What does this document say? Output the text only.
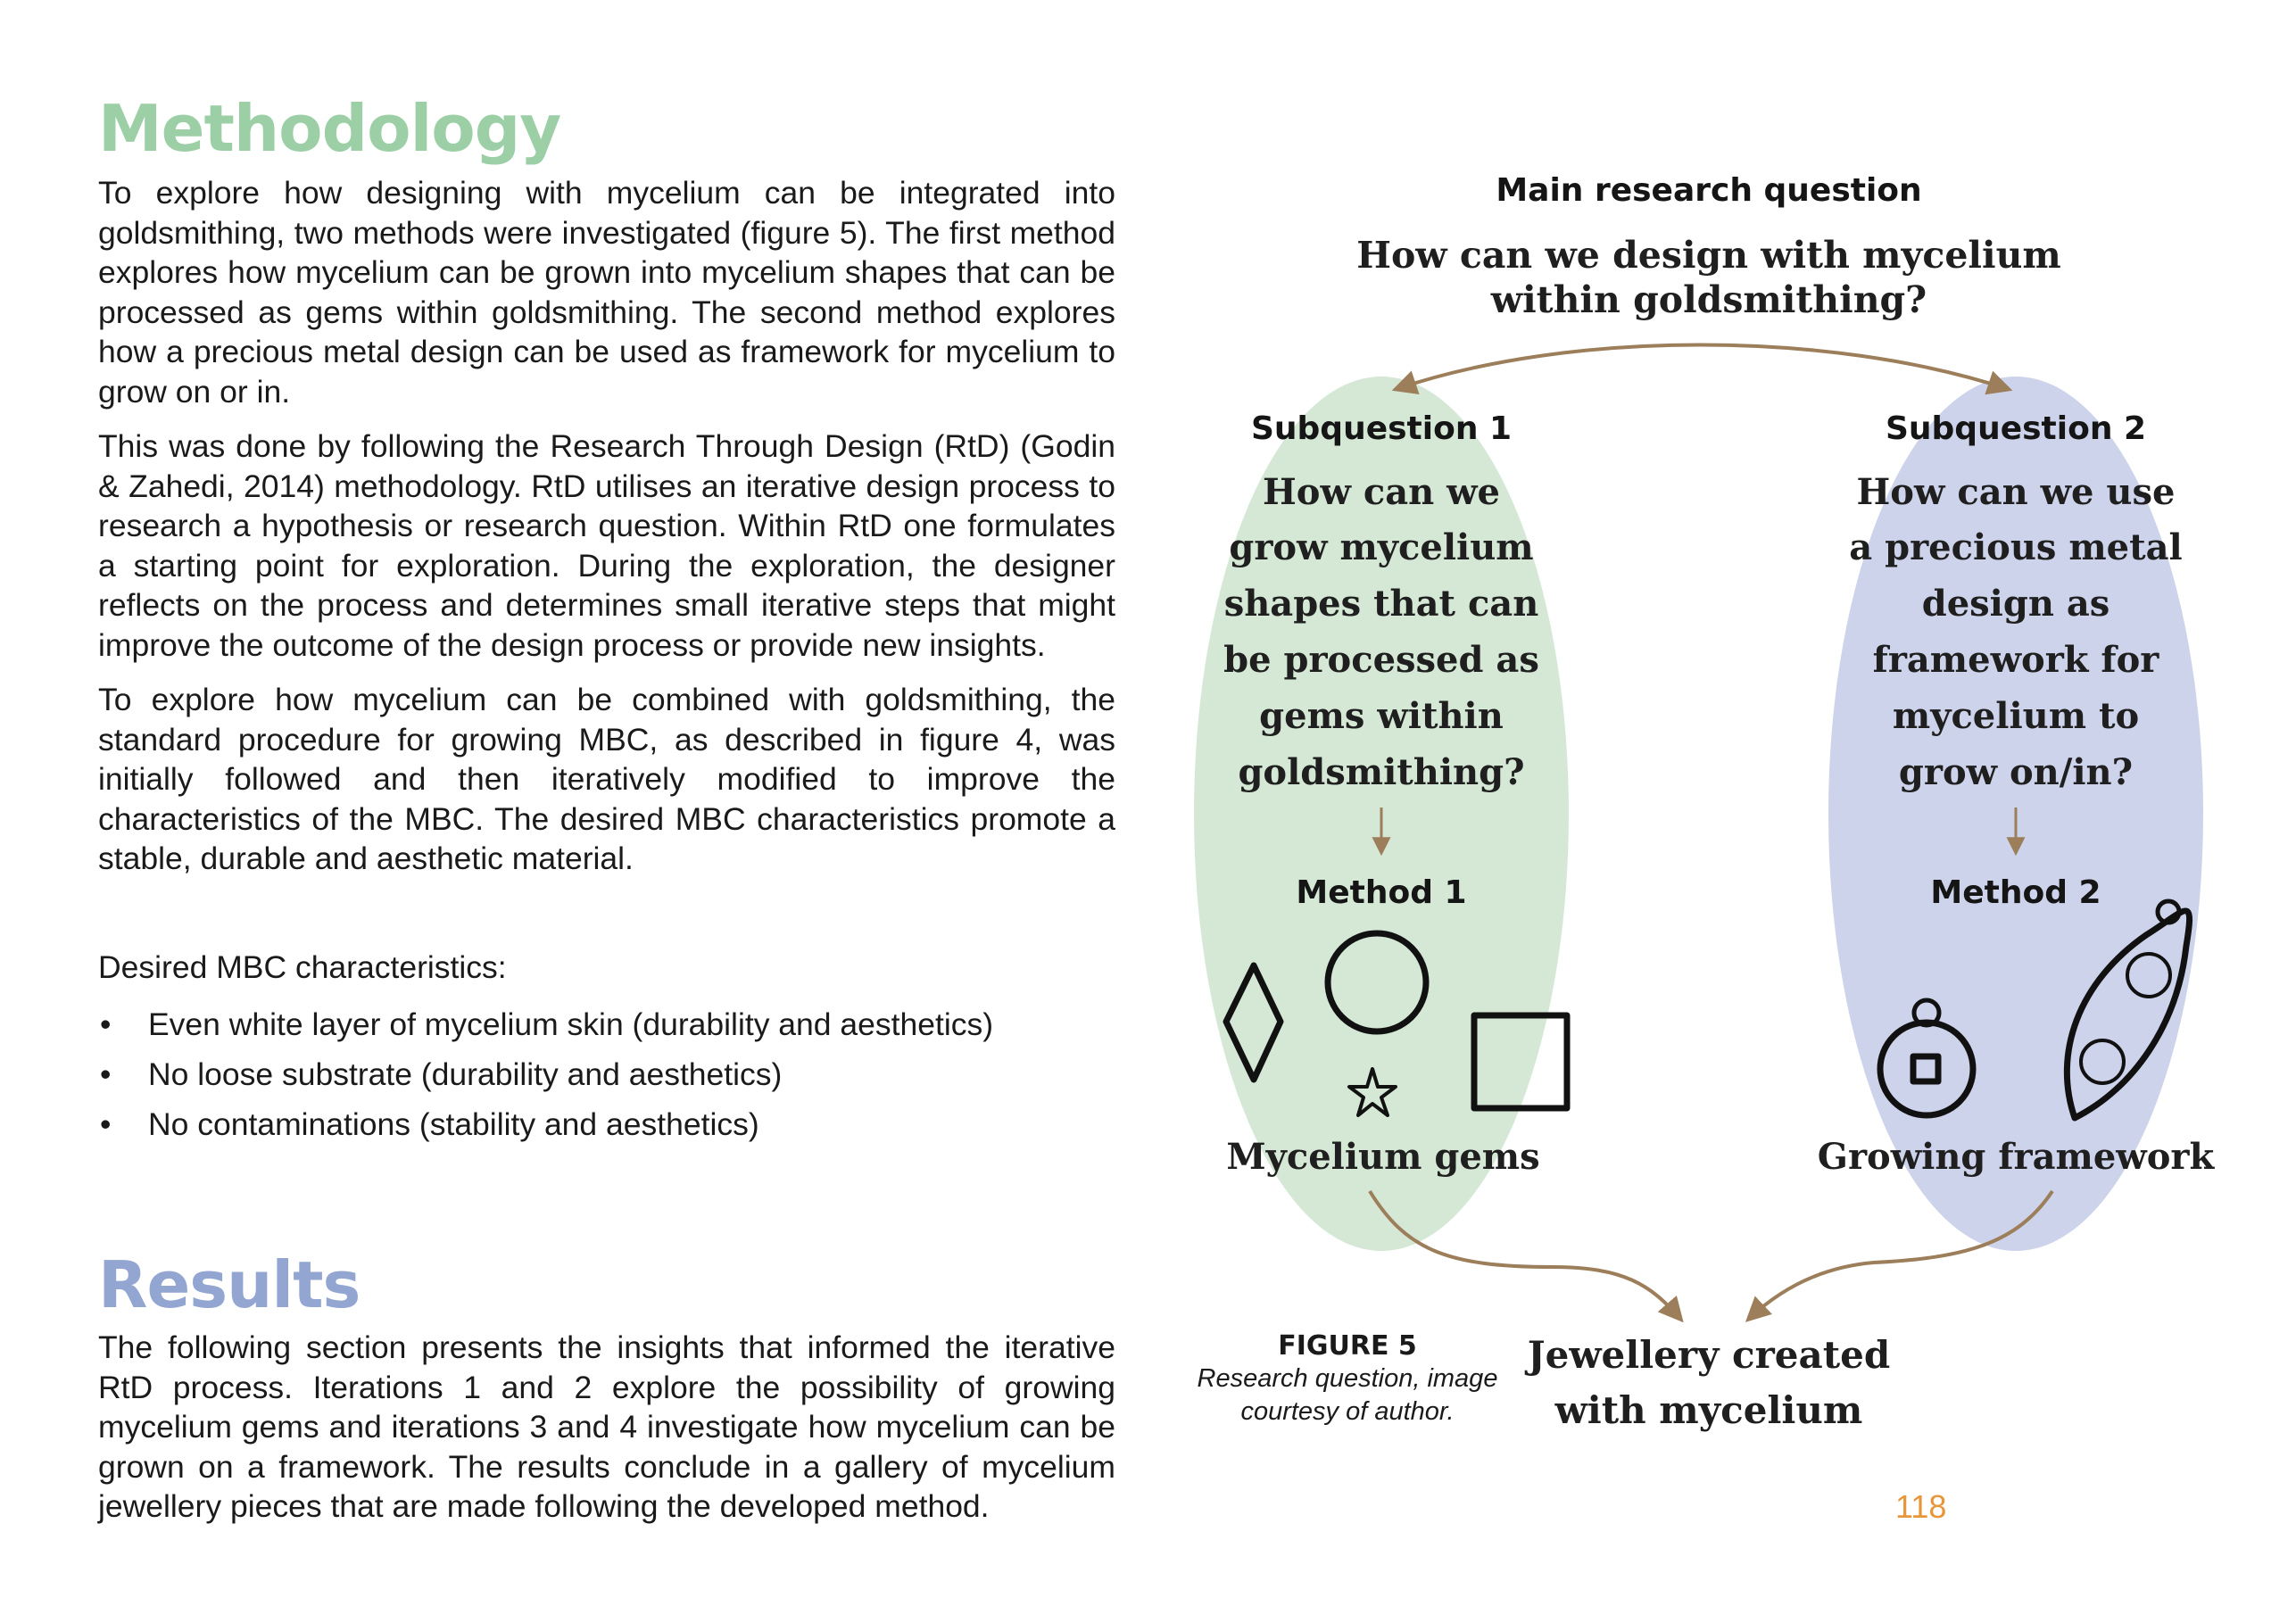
Methodology

To explore how designing with mycelium can be integrated into goldsmithing, two methods were investigated (figure 5). The first method explores how mycelium can be grown into mycelium shapes that can be processed as gems within goldsmithing. The second method explores how a precious metal design can be used as framework for mycelium to grow on or in.

This was done by following the Research Through Design (RtD) (Godin & Zahedi, 2014) methodology. RtD utilises an iterative design process to research a hypothesis or research question. Within RtD one formulates a starting point for exploration. During the exploration, the designer reflects on the process and determines small iterative steps that might improve the outcome of the design process or provide new insights.

To explore how mycelium can be combined with goldsmithing, the standard procedure for growing MBC, as described in figure 4, was initially followed and then iteratively modified to improve the characteristics of the MBC. The desired MBC characteristics promote a stable, durable and aesthetic material.

Desired MBC characteristics:

• Even white layer of mycelium skin (durability and aesthetics)
• No loose substrate (durability and aesthetics)
• No contaminations (stability and aesthetics)
Results

The following section presents the insights that informed the iterative RtD process. Iterations 1 and 2 explore the possibility of growing mycelium gems and iterations 3 and 4 investigate how mycelium can be grown on a framework. The results conclude in a gallery of mycelium jewellery pieces that are made following the developed method.

Main research question
How can we design with mycelium
within goldsmithing?
Subquestion 1
How can we
grow mycelium
shapes that can
be processed as
gems within
goldsmithing?
Subquestion 2
How can we use
a precious metal
design as
framework for
mycelium to
grow on/in?
Method 1	Method 2
Mycelium gems	Growing framework
Jewellery created
with mycelium
FIGURE 5
Research question, image courtesy of author.
118
